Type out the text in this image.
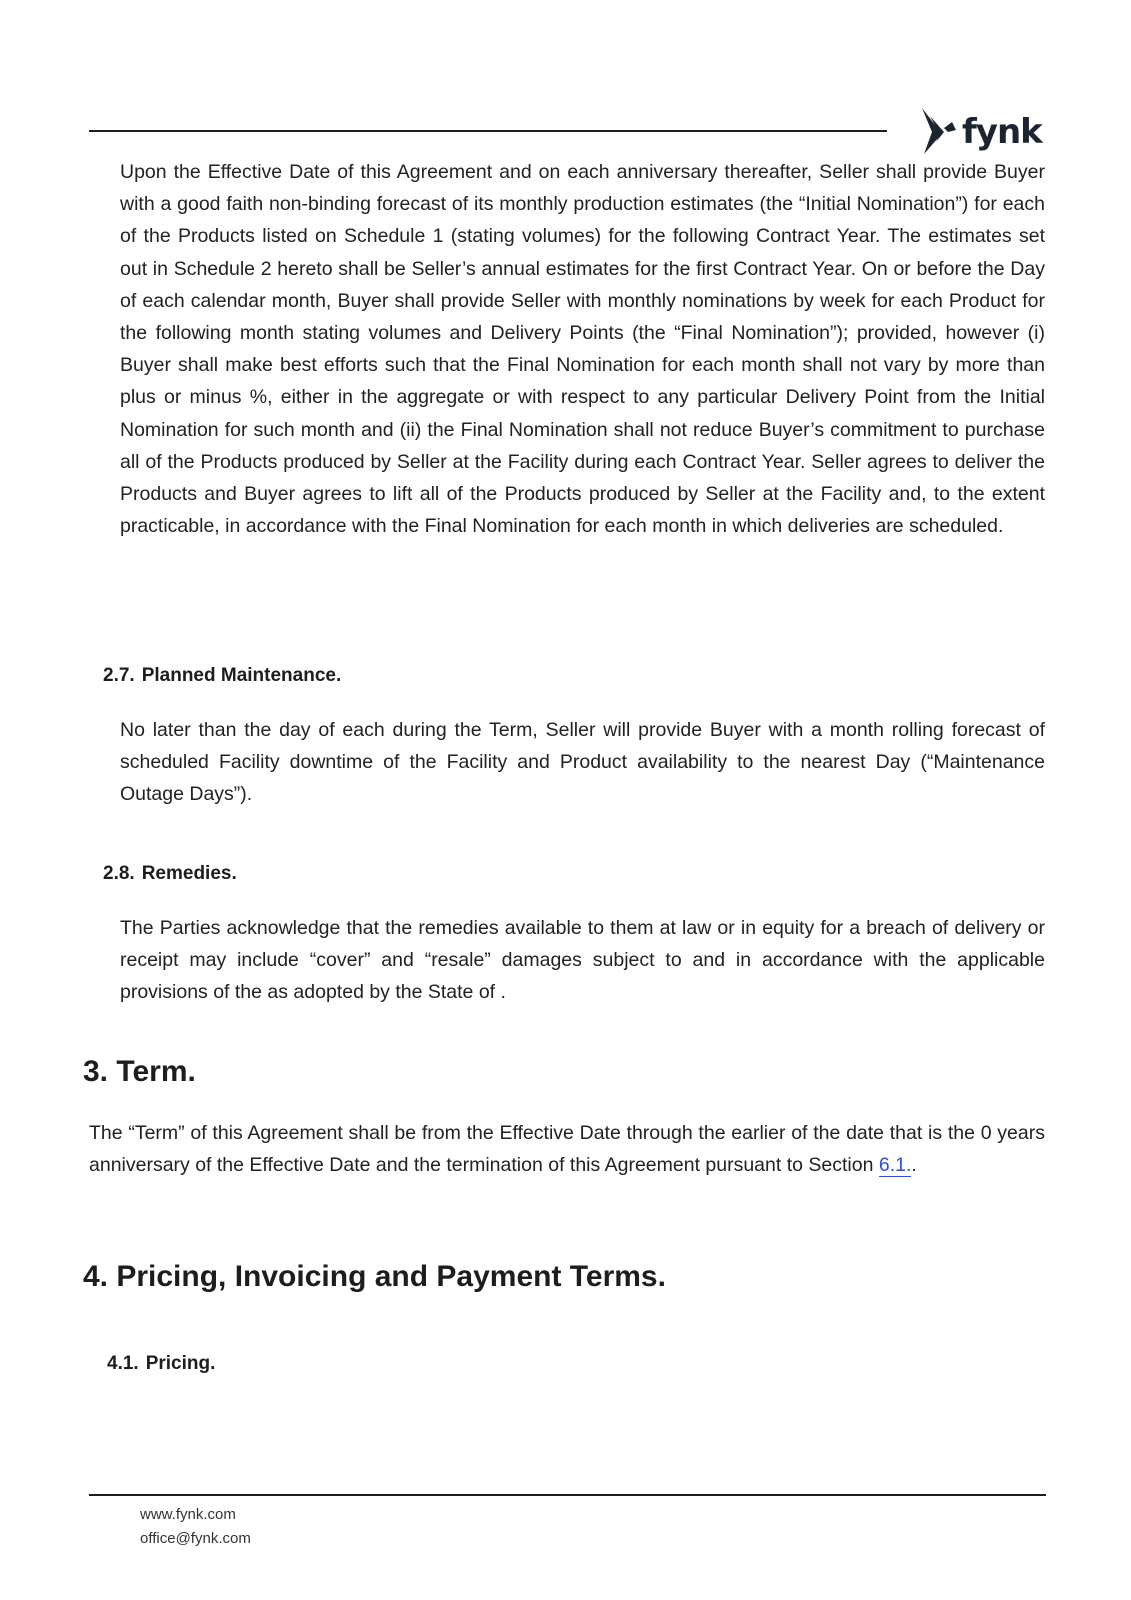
fynk

Upon the Effective Date of this Agreement and on each anniversary thereafter, Seller shall provide Buyer with a good faith non-binding forecast of its monthly production estimates (the “Initial Nomination”) for each of the Products listed on Schedule 1 (stating volumes) for the following Contract Year. The estimates set out in Schedule 2 hereto shall be Seller’s annual estimates for the first Contract Year. On or before the Day of each calendar month, Buyer shall provide Seller with monthly nominations by week for each Product for the following month stating volumes and Delivery Points (the “Final Nomination”); provided, however (i) Buyer shall make best efforts such that the Final Nomination for each month shall not vary by more than plus or minus %, either in the aggregate or with respect to any particular Delivery Point from the Initial Nomination for such month and (ii) the Final Nomination shall not reduce Buyer’s commitment to purchase all of the Products produced by Seller at the Facility during each Contract Year. Seller agrees to deliver the Products and Buyer agrees to lift all of the Products produced by Seller at the Facility and, to the extent practicable, in accordance with the Final Nomination for each month in which deliveries are scheduled.

2.7. Planned Maintenance.

No later than the day of each during the Term, Seller will provide Buyer with a month rolling forecast of scheduled Facility downtime of the Facility and Product availability to the nearest Day (“Maintenance Outage Days”).

2.8. Remedies.

The Parties acknowledge that the remedies available to them at law or in equity for a breach of delivery or receipt may include “cover” and “resale” damages subject to and in accordance with the applicable provisions of the as adopted by the State of .

3. Term.

The “Term” of this Agreement shall be from the Effective Date through the earlier of the date that is the 0 years anniversary of the Effective Date and the termination of this Agreement pursuant to Section 6.1..

4. Pricing, Invoicing and Payment Terms.
4.1. Pricing.
www.fynk.com
office@fynk.com
